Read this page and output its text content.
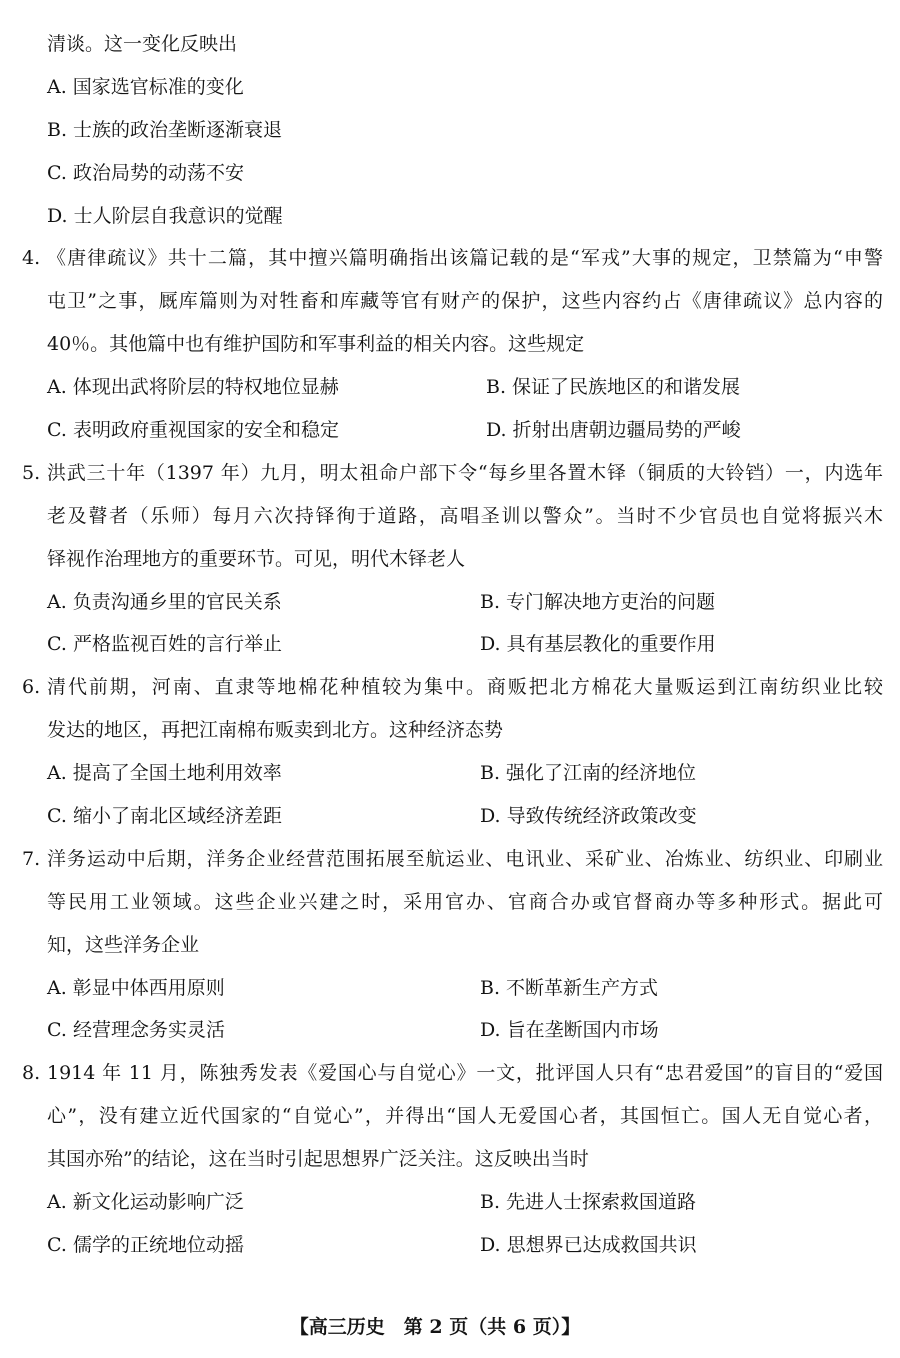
清谈。这一变化反映出
A. 国家选官标准的变化
B. 士族的政治垄断逐渐衰退
C. 政治局势的动荡不安
D. 士人阶层自我意识的觉醒
4. 《唐律疏议》共十二篇，其中擅兴篇明确指出该篇记载的是“军戎”大事的规定，卫禁篇为“申警
屯卫”之事，厩库篇则为对牲畜和库藏等官有财产的保护，这些内容约占《唐律疏议》总内容的
40％。其他篇中也有维护国防和军事利益的相关内容。这些规定
A. 体现出武将阶层的特权地位显赫	B. 保证了民族地区的和谐发展
C. 表明政府重视国家的安全和稳定	D. 折射出唐朝边疆局势的严峻
5. 洪武三十年（1397 年）九月，明太祖命户部下令“每乡里各置木铎（铜质的大铃铛）一，内选年
老及瞽者（乐师）每月六次持铎徇于道路，高唱圣训以警众”。当时不少官员也自觉将振兴木
铎视作治理地方的重要环节。可见，明代木铎老人
A. 负责沟通乡里的官民关系	B. 专门解决地方吏治的问题
C. 严格监视百姓的言行举止	D. 具有基层教化的重要作用
6. 清代前期，河南、直隶等地棉花种植较为集中。商贩把北方棉花大量贩运到江南纺织业比较
发达的地区，再把江南棉布贩卖到北方。这种经济态势
A. 提高了全国土地利用效率	B. 强化了江南的经济地位
C. 缩小了南北区域经济差距	D. 导致传统经济政策改变
7. 洋务运动中后期，洋务企业经营范围拓展至航运业、电讯业、采矿业、冶炼业、纺织业、印刷业
等民用工业领域。这些企业兴建之时，采用官办、官商合办或官督商办等多种形式。据此可
知，这些洋务企业
A. 彰显中体西用原则	B. 不断革新生产方式
C. 经营理念务实灵活	D. 旨在垄断国内市场
8. 1914 年 11 月，陈独秀发表《爱国心与自觉心》一文，批评国人只有“忠君爱国”的盲目的“爱国
心”，没有建立近代国家的“自觉心”，并得出“国人无爱国心者，其国恒亡。国人无自觉心者，
其国亦殆”的结论，这在当时引起思想界广泛关注。这反映出当时
A. 新文化运动影响广泛	B. 先进人士探索救国道路
C. 儒学的正统地位动摇	D. 思想界已达成救国共识
【高三历史　第 2 页（共 6 页）】
